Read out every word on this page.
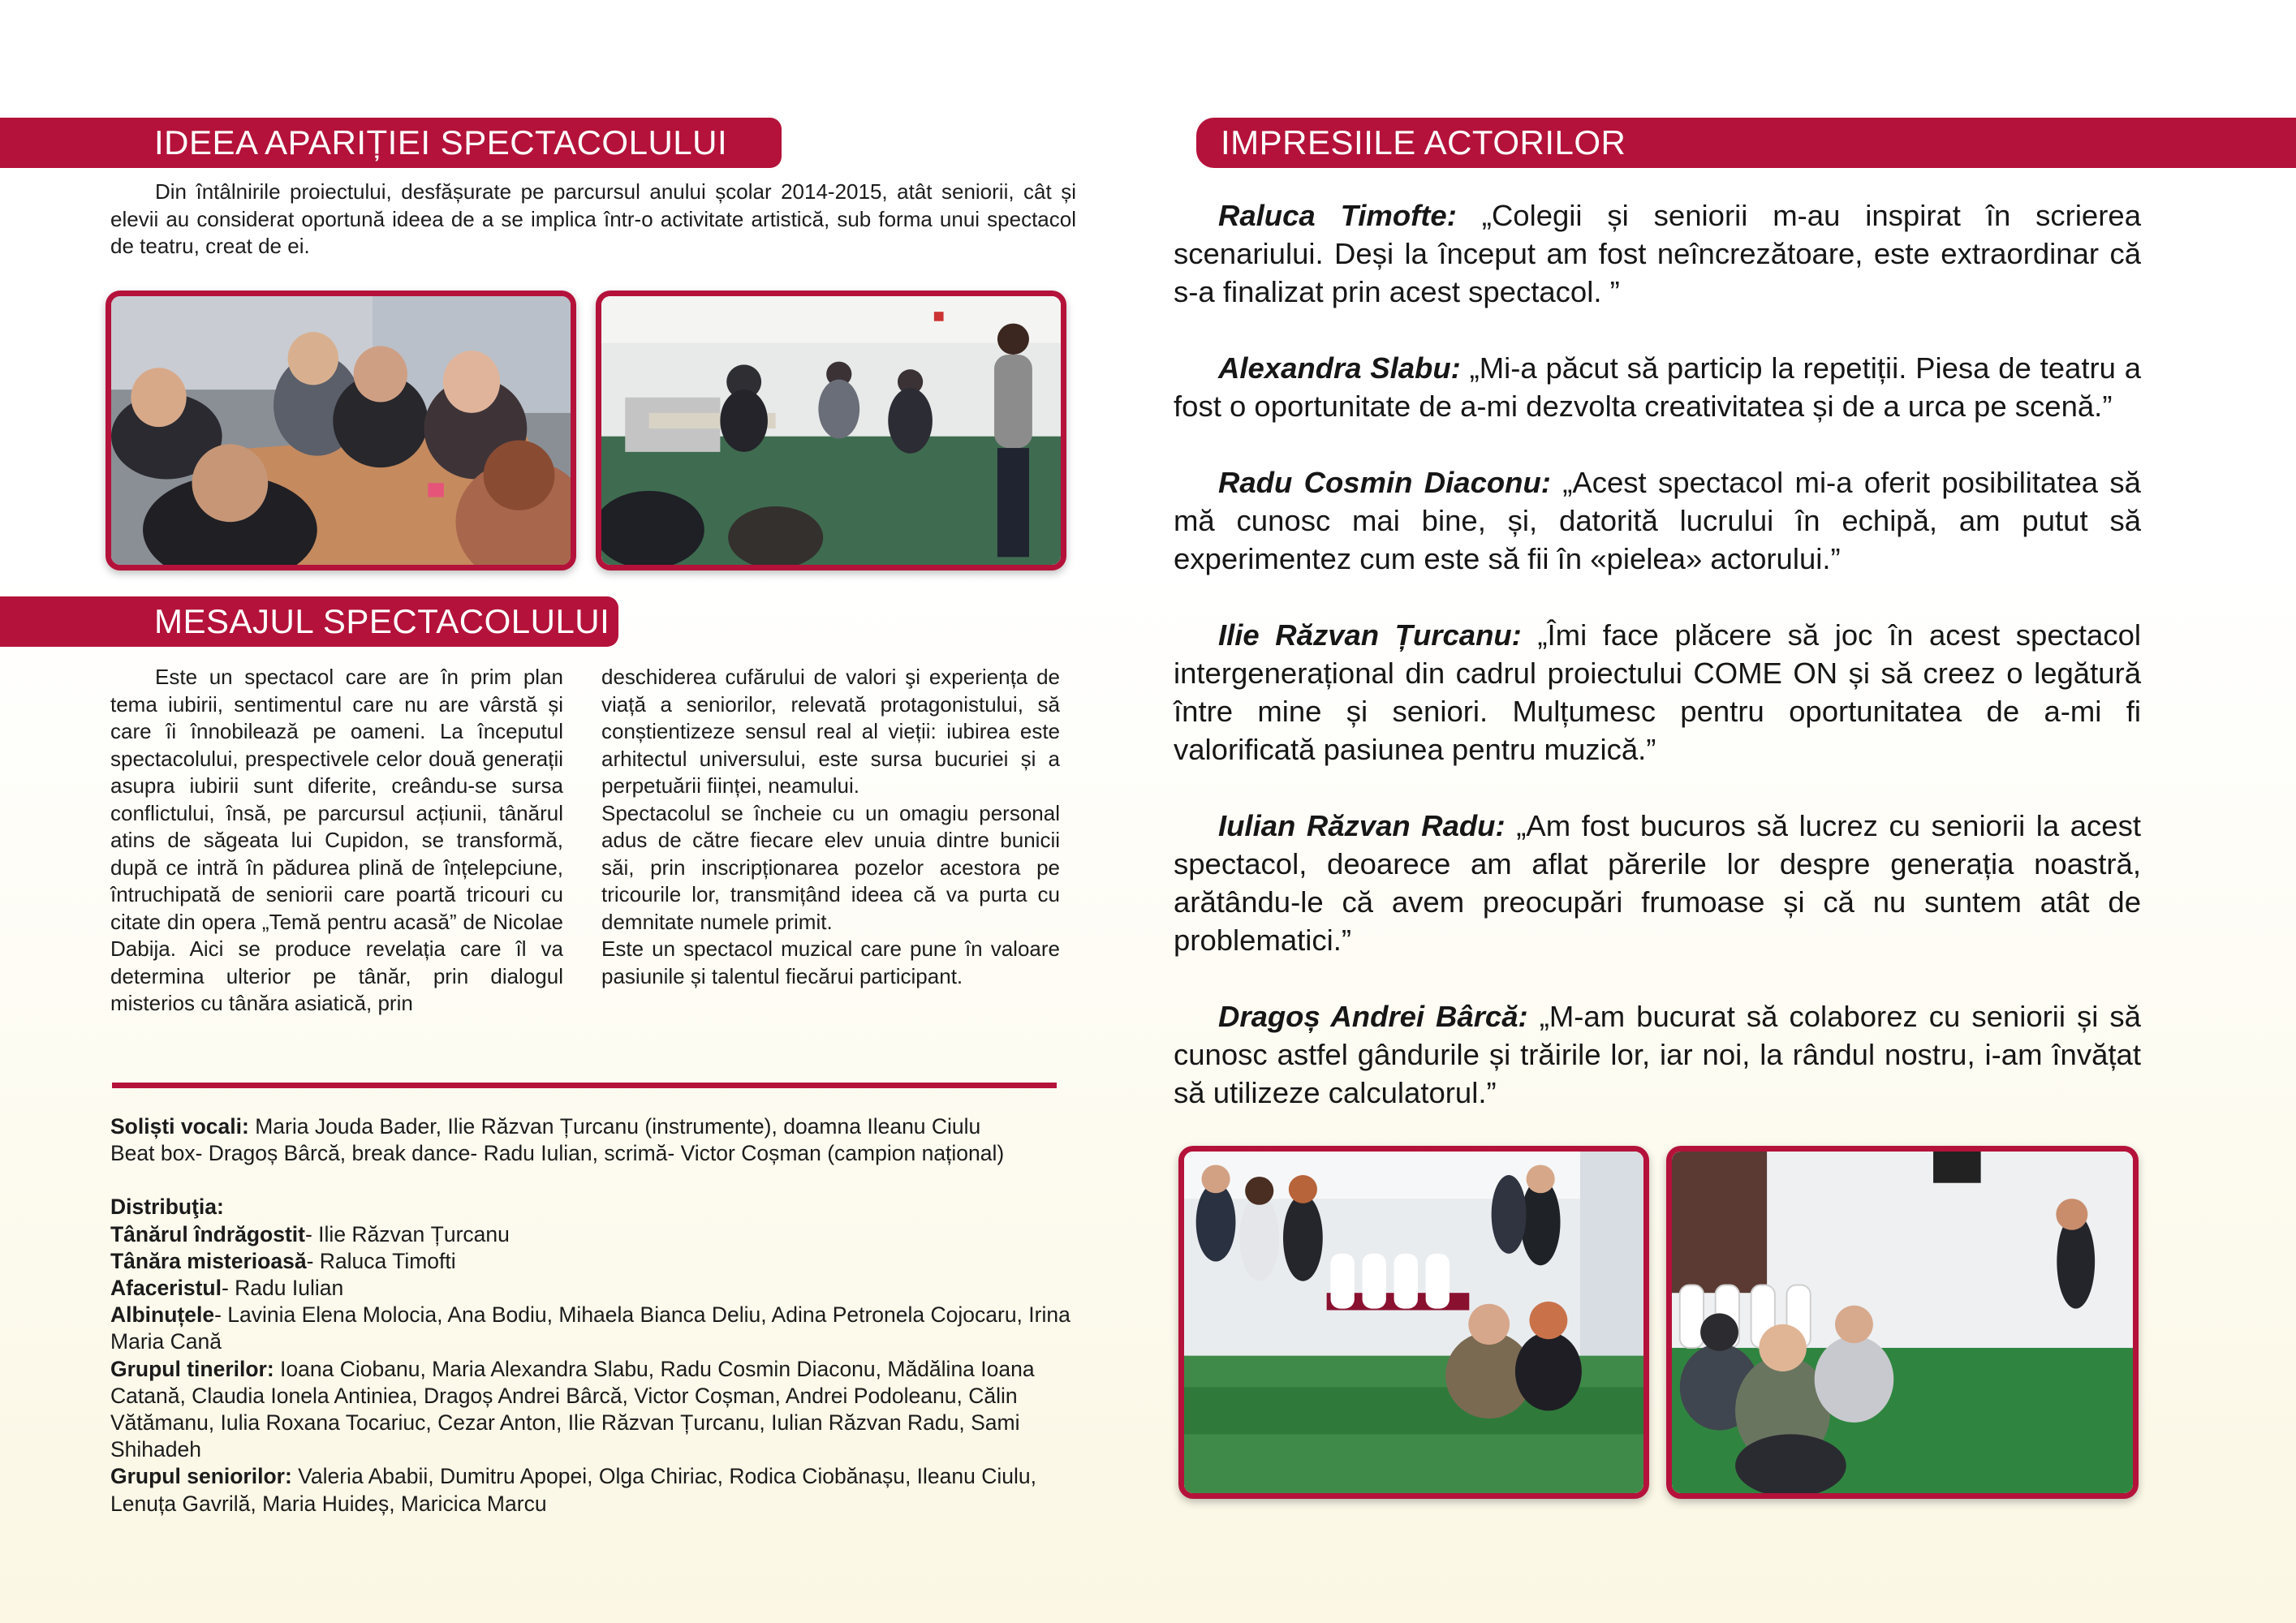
IDEEA APARIȚIEI SPECTACOLULUI
Din întâlnirile proiectului, desfășurate pe parcursul anului școlar 2014-2015, atât seniorii, cât și elevii au considerat oportună ideea de a se implica într-o activitate artistică, sub forma unui spectacol de teatru, creat de ei.
MESAJUL SPECTACOLULUI

Este un spectacol care are în prim plan tema iubirii, sentimentul care nu are vârstă și care îi înnobilează pe oameni. La începutul spectacolului, prespectivele celor două generații asupra iubirii sunt diferite, creându-se sursa conflictului, însă, pe parcursul acțiunii, tânărul atins de săgeata lui Cupidon, se transformă, după ce intră în pădurea plină de înțelepciune, întruchipată de seniorii care poartă tricouri cu citate din opera „Temă pentru acasă” de Nicolae Dabija. Aici se produce revelația care îl va determina ulterior pe tânăr, prin dialogul misterios cu tânăra asiatică, prin

deschiderea cufărului de valori şi experiența de viață a seniorilor, relevată protagonistului, să conștientizeze sensul real al vieții: iubirea este arhitectul universului, este sursa bucuriei și a perpetuării ființei, neamului.

Spectacolul se încheie cu un omagiu personal adus de către fiecare elev unuia dintre bunicii săi, prin inscripționarea pozelor acestora pe tricourile lor, transmițând ideea că va purta cu demnitate numele primit.

Este un spectacol muzical care pune în valoare pasiunile și talentul fiecărui participant.

Soliști vocali: Maria Jouda Bader, Ilie Răzvan Țurcanu (instrumente), doamna Ileanu Ciulu

Beat box- Dragoș Bârcă, break dance- Radu Iulian, scrimă- Victor Coșman (campion național)

Distribuţia:

Tânărul îndrăgostit- Ilie Răzvan Țurcanu

Tânăra misterioasă- Raluca Timofti

Afaceristul- Radu Iulian

Albinuțele- Lavinia Elena Molocia, Ana Bodiu, Mihaela Bianca Deliu, Adina Petronela Cojocaru, Irina Maria Cană

Grupul tinerilor: Ioana Ciobanu, Maria Alexandra Slabu, Radu Cosmin Diaconu, Mădălina Ioana Catană, Claudia Ionela Antiniea, Dragoș Andrei Bârcă, Victor Coșman, Andrei Podoleanu, Călin Vătămanu, Iulia Roxana Tocariuc, Cezar Anton, Ilie Răzvan Țurcanu, Iulian Răzvan Radu, Sami Shihadeh

Grupul seniorilor: Valeria Ababii, Dumitru Apopei, Olga Chiriac, Rodica Ciobănașu, Ileanu Ciulu, Lenuța Gavrilă, Maria Huideș, Maricica Marcu

IMPRESIILE ACTORILOR

Raluca Timofte: „Colegii și seniorii m-au inspirat în scrierea scenariului. Deși la început am fost neîncrezătoare, este extraordinar că s-a finalizat prin acest spectacol. ”

Alexandra Slabu: „Mi-a păcut să particip la repetiții. Piesa de teatru a fost o oportunitate de a-mi dezvolta creativitatea și de a urca pe scenă.”

Radu Cosmin Diaconu: „Acest spectacol mi-a oferit posibilitatea să mă cunosc mai bine, și, datorită lucrului în echipă, am putut să experimentez cum este să fii în «pielea» actorului.”

Ilie Răzvan Țurcanu: „Îmi face plăcere să joc în acest spectacol intergenerațional din cadrul proiectului COME ON și să creez o legătură între mine și seniori. Mulțumesc pentru oportunitatea de a-mi fi valorificată pasiunea pentru muzică.”

Iulian Răzvan Radu: „Am fost bucuros să lucrez cu seniorii la acest spectacol, deoarece am aflat părerile lor despre generația noastră, arătându-le că avem preocupări frumoase și că nu suntem atât de problematici.”

Dragoș Andrei Bârcă: „M-am bucurat să colaborez cu seniorii și să cunosc astfel gândurile și trăirile lor, iar noi, la rândul nostru, i-am învățat să utilizeze calculatorul.”
